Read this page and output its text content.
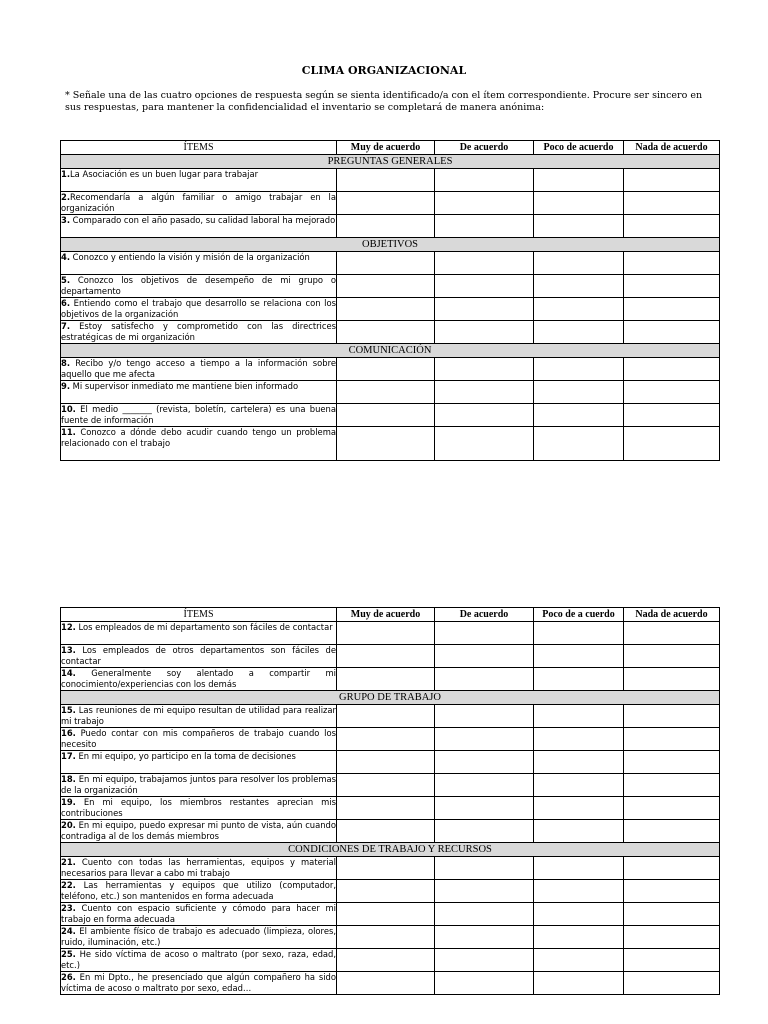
CLIMA ORGANIZACIONAL
* Señale una de las cuatro opciones de respuesta según se sienta identificado/a con el ítem correspondiente. Procure ser sincero en sus respuestas, para mantener la confidencialidad el inventario se completará de manera anónima:
ÍTEMS	Muy de acuerdo	De acuerdo	Poco de acuerdo	Nada de acuerdo
PREGUNTAS GENERALES				
1.La Asociación es un buen lugar para trabajar				
2.Recomendaría a algún familiar o amigo trabajar en la organización				
3. Comparado con el año pasado, su calidad laboral ha mejorado				
OBJETIVOS				
4. Conozco y entiendo la visión y misión de la organización				
5. Conozco los objetivos de desempeño de mi grupo o departamento				
6. Entiendo como el trabajo que desarrollo se relaciona con los objetivos de la organización				
7. Estoy satisfecho y comprometido con las directrices estratégicas de mi organización				
COMUNICACIÓN				
8. Recibo y/o tengo acceso a tiempo a la información sobre aquello que me afecta				
9. Mi supervisor inmediato me mantiene bien informado				
10. El medio _______ (revista, boletín, cartelera) es una buena fuente de información				
11. Conozco a dónde debo acudir cuando tengo un problema relacionado con el trabajo				
ÍTEMS	Muy de acuerdo	De acuerdo	Poco de a cuerdo	Nada de acuerdo
12. Los empleados de mi departamento son fáciles de contactar				
13. Los empleados de otros departamentos son fáciles de contactar				
14. Generalmente soy alentado a compartir mi conocimiento/experiencias con los demás				
GRUPO DE TRABAJO				
15. Las reuniones de mi equipo resultan de utilidad para realizar mi trabajo				
16. Puedo contar con mis compañeros de trabajo cuando los necesito				
17. En mi equipo, yo participo en la toma de decisiones				
18. En mi equipo, trabajamos juntos para resolver los problemas de la organización				
19. En mi equipo, los miembros restantes aprecian mis contribuciones				
20. En mi equipo, puedo expresar mi punto de vista, aún cuando contradiga al de los demás miembros				
CONDICIONES DE TRABAJO Y RECURSOS				
21. Cuento con todas las herramientas, equipos y material necesarios para llevar a cabo mi trabajo				
22. Las herramientas y equipos que utilizo (computador, teléfono, etc.) son mantenidos en forma adecuada				
23. Cuento con espacio suficiente y cómodo para hacer mi trabajo en forma adecuada				
24. El ambiente físico de trabajo es adecuado (limpieza, olores, ruido, iluminación, etc.)				
25. He sido víctima de acoso o maltrato (por sexo, raza, edad, etc.)				
26. En mi Dpto., he presenciado que algún compañero ha sido víctima de acoso o maltrato por sexo, edad…				
